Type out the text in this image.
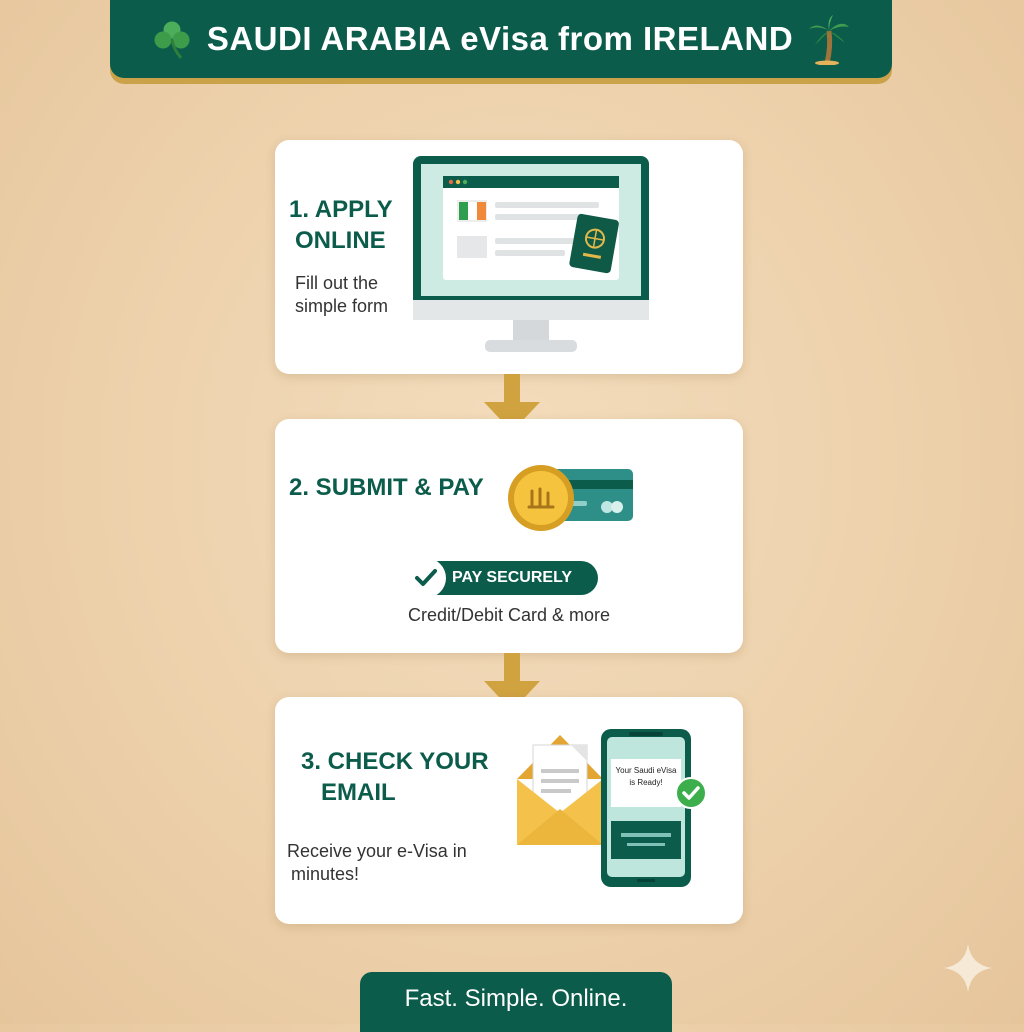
SAUDI ARABIA eVisa from IRELAND
1. APPLY
ONLINE
Fill out the
simple form
2. SUBMIT & PAY
PAY SECURELY
Credit/Debit Card & more
3. CHECK YOUR
EMAIL
Receive your e-Visa in
minutes!
Your Saudi eVisa
is Ready!
Fast. Simple. Online.
